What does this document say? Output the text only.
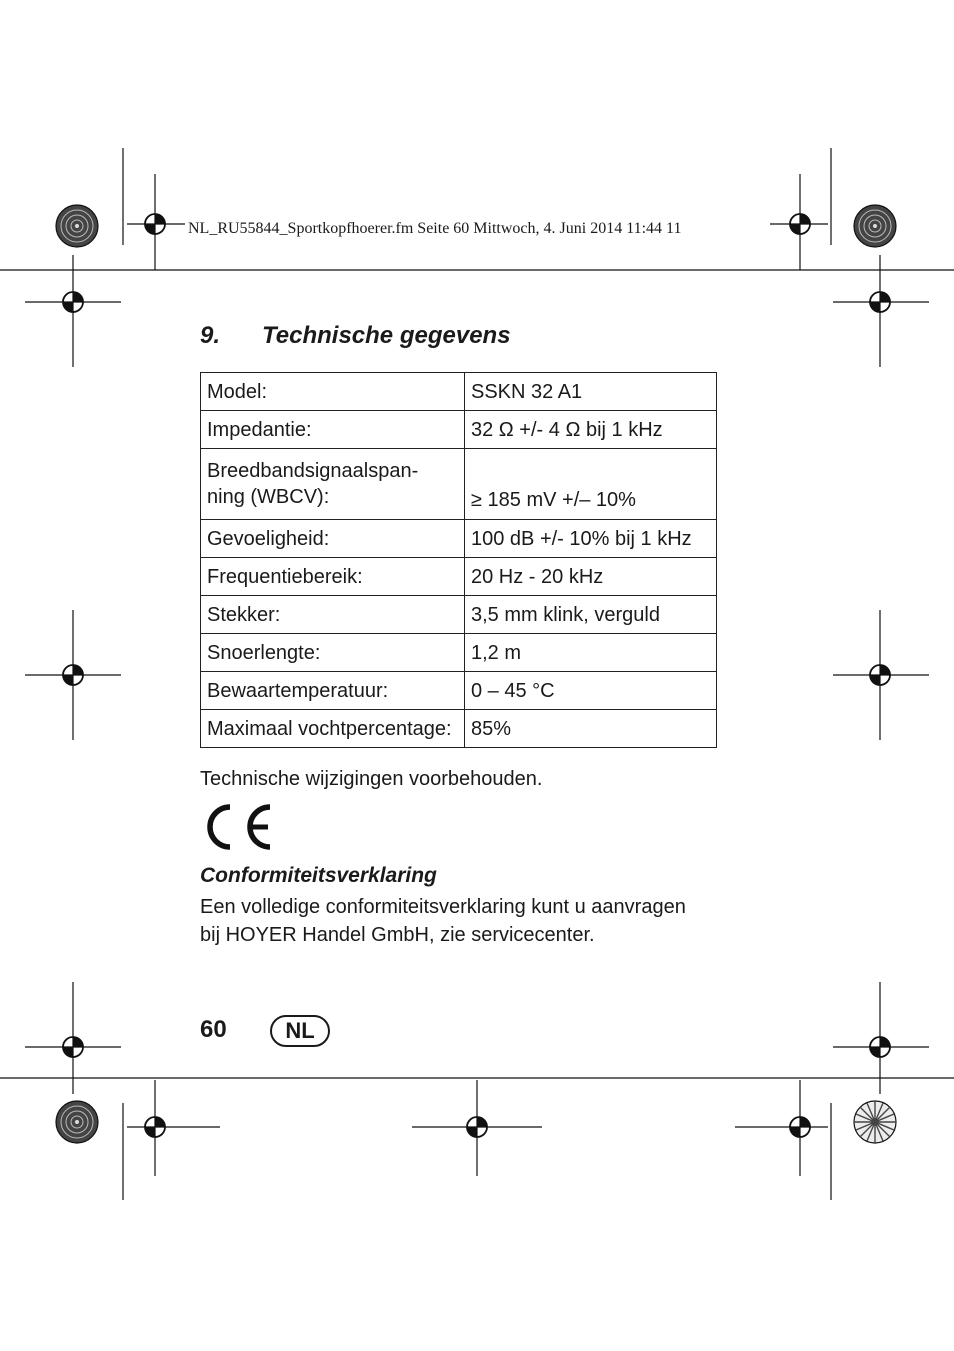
NL_RU55844_Sportkopfhoerer.fm Seite 60 Mittwoch, 4. Juni 2014 11:44 11
9. Technische gegevens
Model:	SSKN 32 A1
Impedantie:	32 Ω +/- 4 Ω bij 1 kHz
Breedbandsignaalspan-
ning (WBCV):	≥ 185 mV +/– 10%
Gevoeligheid:	100 dB +/- 10% bij 1 kHz
Frequentiebereik:	20 Hz - 20 kHz
Stekker:	3,5 mm klink, verguld
Snoerlengte:	1,2 m
Bewaartemperatuur:	0 – 45 °C
Maximaal vochtpercentage:	85%
Technische wijzigingen voorbehouden.
Conformiteitsverklaring

Een volledige conformiteitsverklaring kunt u aanvragen
bij HOYER Handel GmbH, zie servicecenter.

60	NL
